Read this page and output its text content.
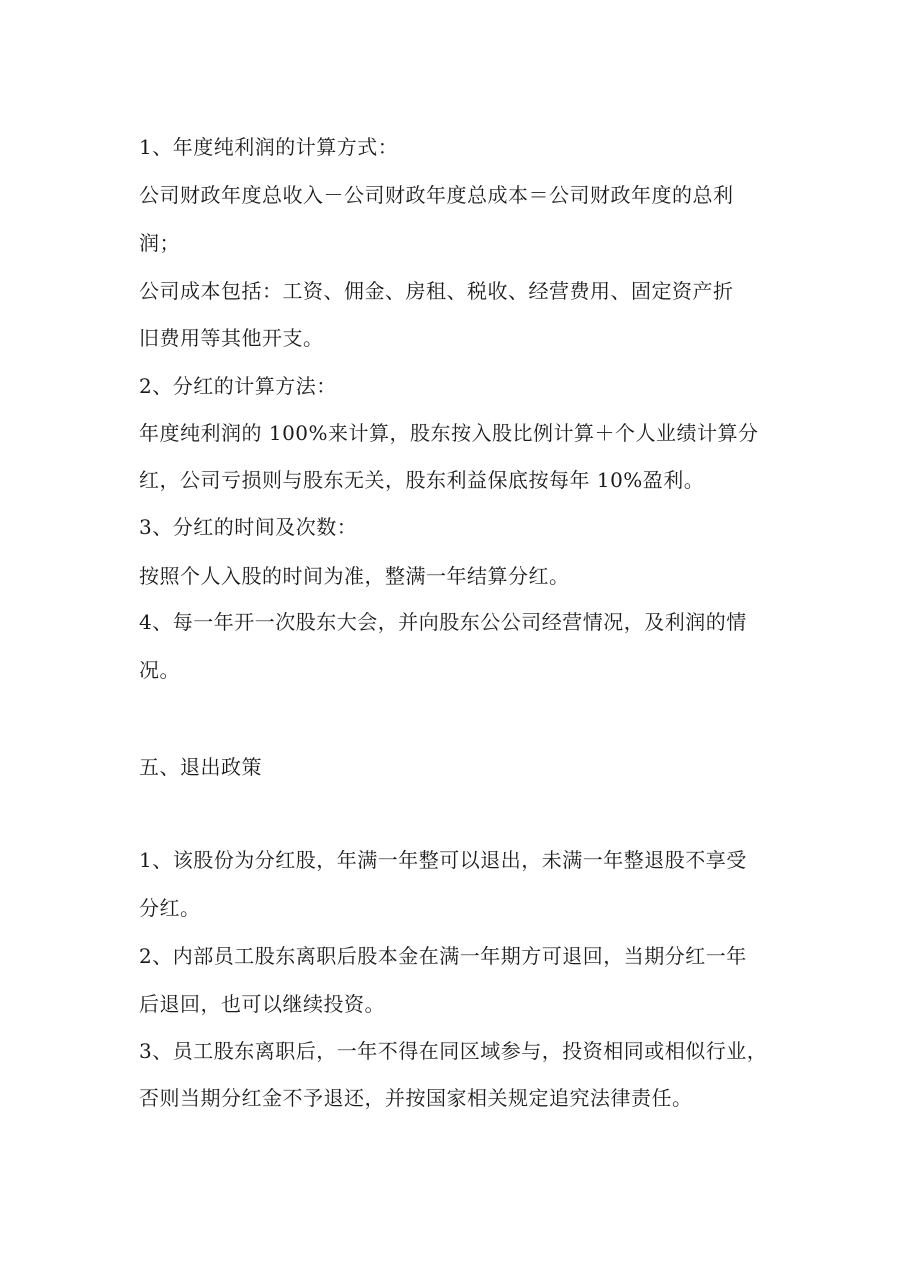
1、年度纯利润的计算方式：
公司财政年度总收入－公司财政年度总成本＝公司财政年度的总利
润；
公司成本包括：工资、佣金、房租、税收、经营费用、固定资产折
旧费用等其他开支。
2、分红的计算方法：
年度纯利润的 100%来计算，股东按入股比例计算＋个人业绩计算分
红，公司亏损则与股东无关，股东利益保底按每年 10%盈利。
3、分红的时间及次数：
按照个人入股的时间为准，整满一年结算分红。
4、每一年开一次股东大会，并向股东公公司经营情况，及利润的情
况。
五、退出政策
1、该股份为分红股，年满一年整可以退出，未满一年整退股不享受
分红。
2、内部员工股东离职后股本金在满一年期方可退回，当期分红一年
后退回，也可以继续投资。
3、员工股东离职后，一年不得在同区域参与，投资相同或相似行业，
否则当期分红金不予退还，并按国家相关规定追究法律责任。
